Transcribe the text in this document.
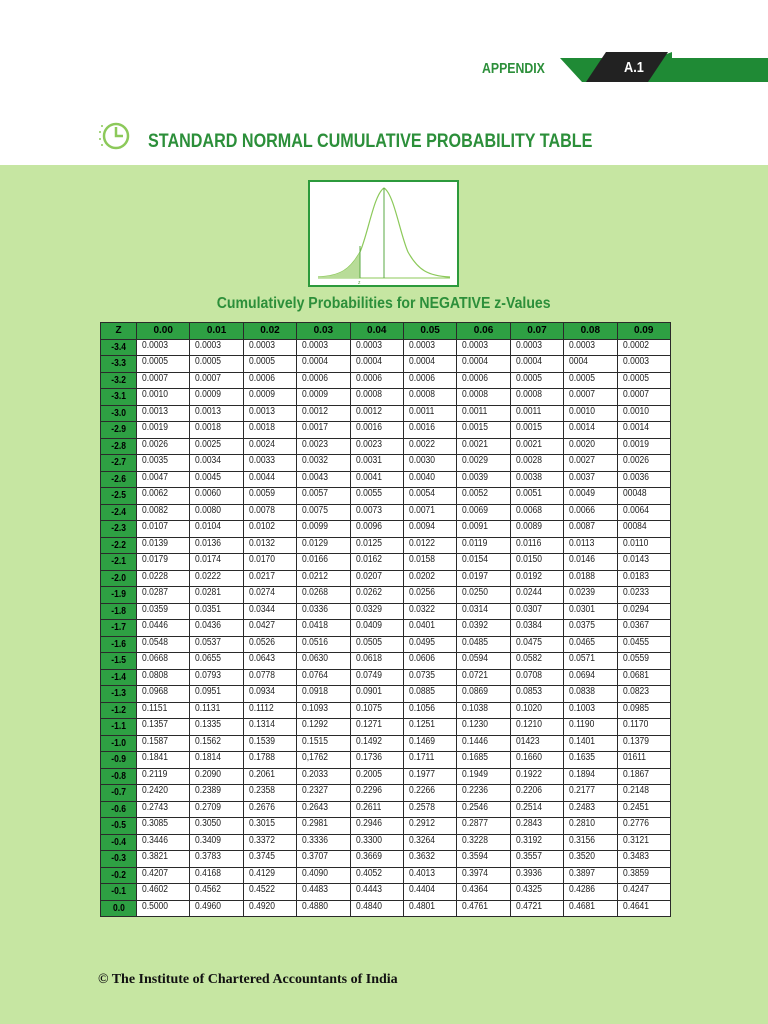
APPENDIX	A.1
STANDARD NORMAL CUMULATIVE PROBABILITY TABLE
z
Cumulatively Probabilities for NEGATIVE z-Values
Z	0.00	0.01	0.02	0.03	0.04	0.05	0.06	0.07	0.08	0.09
-3.4	0.0003	0.0003	0.0003	0.0003	0.0003	0.0003	0.0003	0.0003	0.0003	0.0002
-3.3	0.0005	0.0005	0.0005	0.0004	0.0004	0.0004	0.0004	0.0004	0004	0.0003
-3.2	0.0007	0.0007	0.0006	0.0006	0.0006	0.0006	0.0006	0.0005	0.0005	0.0005
-3.1	0.0010	0.0009	0.0009	0.0009	0.0008	0.0008	0.0008	0.0008	0.0007	0.0007
-3.0	0.0013	0.0013	0.0013	0.0012	0.0012	0.0011	0.0011	0.0011	0.0010	0.0010
-2.9	0.0019	0.0018	0.0018	0.0017	0.0016	0.0016	0.0015	0.0015	0.0014	0.0014
-2.8	0.0026	0.0025	0.0024	0.0023	0.0023	0.0022	0.0021	0.0021	0.0020	0.0019
-2.7	0.0035	0.0034	0.0033	0.0032	0.0031	0.0030	0.0029	0.0028	0.0027	0.0026
-2.6	0.0047	0.0045	0.0044	0.0043	0.0041	0.0040	0.0039	0.0038	0.0037	0.0036
-2.5	0.0062	0.0060	0.0059	0.0057	0.0055	0.0054	0.0052	0.0051	0.0049	00048
-2.4	0.0082	0.0080	0.0078	0.0075	0.0073	0.0071	0.0069	0.0068	0.0066	0.0064
-2.3	0.0107	0.0104	0.0102	0.0099	0.0096	0.0094	0.0091	0.0089	0.0087	00084
-2.2	0.0139	0.0136	0.0132	0.0129	0.0125	0.0122	0.0119	0.0116	0.0113	0.0110
-2.1	0.0179	0.0174	0.0170	0.0166	0.0162	0.0158	0.0154	0.0150	0.0146	0.0143
-2.0	0.0228	0.0222	0.0217	0.0212	0.0207	0.0202	0.0197	0.0192	0.0188	0.0183
-1.9	0.0287	0.0281	0.0274	0.0268	0.0262	0.0256	0.0250	0.0244	0.0239	0.0233
-1.8	0.0359	0.0351	0.0344	0.0336	0.0329	0.0322	0.0314	0.0307	0.0301	0.0294
-1.7	0.0446	0.0436	0.0427	0.0418	0.0409	0.0401	0.0392	0.0384	0.0375	0.0367
-1.6	0.0548	0.0537	0.0526	0.0516	0.0505	0.0495	0.0485	0.0475	0.0465	0.0455
-1.5	0.0668	0.0655	0.0643	0.0630	0.0618	0.0606	0.0594	0.0582	0.0571	0.0559
-1.4	0.0808	0.0793	0.0778	0.0764	0.0749	0.0735	0.0721	0.0708	0.0694	0.0681
-1.3	0.0968	0.0951	0.0934	0.0918	0.0901	0.0885	0.0869	0.0853	0.0838	0.0823
-1.2	0.1151	0.1131	0.1112	0.1093	0.1075	0.1056	0.1038	0.1020	0.1003	0.0985
-1.1	0.1357	0.1335	0.1314	0.1292	0.1271	0.1251	0.1230	0.1210	0.1190	0.1170
-1.0	0.1587	0.1562	0.1539	0.1515	0.1492	0.1469	0.1446	01423	0.1401	0.1379
-0.9	0.1841	0.1814	0.1788	0,1762	0.1736	0.1711	0.1685	0.1660	0.1635	01611
-0.8	0.2119	0.2090	0.2061	0.2033	0.2005	0.1977	0.1949	0.1922	0.1894	0.1867
-0.7	0.2420	0.2389	0.2358	0.2327	0.2296	0.2266	0.2236	0.2206	0.2177	0.2148
-0.6	0.2743	0.2709	0.2676	0.2643	0.2611	0.2578	0.2546	0.2514	0.2483	0.2451
-0.5	0.3085	0.3050	0.3015	0.2981	0.2946	0.2912	0.2877	0.2843	0.2810	0.2776
-0.4	0.3446	0.3409	0.3372	0.3336	0.3300	0.3264	0.3228	0.3192	0.3156	0.3121
-0.3	0.3821	0.3783	0.3745	0.3707	0.3669	0.3632	0.3594	0.3557	0.3520	0.3483
-0.2	0.4207	0.4168	0.4129	0.4090	0.4052	0.4013	0.3974	0.3936	0.3897	0.3859
-0.1	0.4602	0.4562	0.4522	0.4483	0.4443	0.4404	0.4364	0.4325	0.4286	0.4247
0.0	0.5000	0.4960	0.4920	0.4880	0.4840	0.4801	0.4761	0.4721	0.4681	0.4641
© The Institute of Chartered Accountants of India
